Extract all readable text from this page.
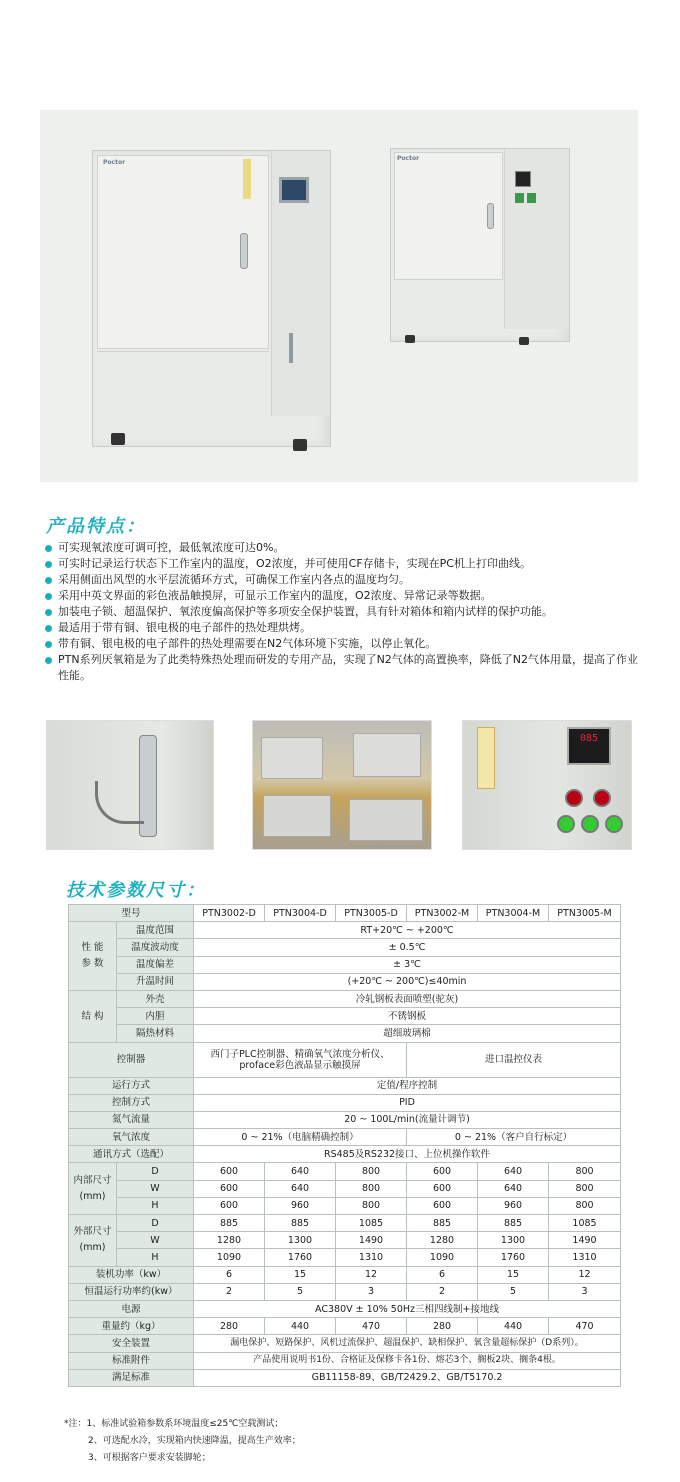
Poctor
Poctor
产品特点：
可实现氧浓度可调可控，最低氧浓度可达0%。
可实时记录运行状态下工作室内的温度，O2浓度，并可使用CF存储卡，实现在PC机上打印曲线。
采用侧面出风型的水平层流循环方式，可确保工作室内各点的温度均匀。
采用中英文界面的彩色液晶触摸屏，可显示工作室内的温度，O2浓度、异常记录等数据。
加装电子锁、超温保护、氧浓度偏高保护等多项安全保护装置，具有针对箱体和箱内试样的保护功能。
最适用于带有铜、银电极的电子部件的热处理烘烤。
带有铜、银电极的电子部件的热处理需要在N2气体环境下实施，以停止氧化。
PTN系列厌氧箱是为了此类特殊热处理而研发的专用产品，实现了N2气体的高置换率，降低了N2气体用量，提高了作业性能。
085
技术参数尺寸：
型号		PTN3002-D	PTN3004-D	PTN3005-D	PTN3002-M	PTN3004-M	PTN3005-M
性 能
参 数	温度范围	RT+20℃ ~ +200℃					
	温度波动度	± 0.5℃					
	温度偏差	± 3℃					
	升温时间	(+20℃ ~ 200℃)≤40min					
结 构	外壳	冷轧钢板表面喷塑(驼灰)					
	内胆	不锈钢板					
	隔热材料	超细玻璃棉					
控制器		西门子PLC控制器、精确氧气浓度分析仪、proface彩色液晶显示触摸屏			进口温控仪表		
运行方式		定值/程序控制					
控制方式		PID					
氮气流量		20 ~ 100L/min(流量计调节)					
氧气浓度		0 ~ 21%（电脑精确控制）			0 ~ 21%（客户自行标定）		
通讯方式（选配）		RS485及RS232接口、上位机操作软件					
内部尺寸
(mm)	D	600	640	800	600	640	800
	W	600	640	800	600	640	800
	H	600	960	800	600	960	800
外部尺寸
(mm)	D	885	885	1085	885	885	1085
	W	1280	1300	1490	1280	1300	1490
	H	1090	1760	1310	1090	1760	1310
装机功率（kw）		6	15	12	6	15	12
恒温运行功率约(kw）		2	5	3	2	5	3
电源		AC380V ± 10% 50Hz三相四线制+接地线					
重量约（kg）		280	440	470	280	440	470
安全装置		漏电保护、短路保护、风机过流保护、超温保护、缺相保护、氧含量超标保护（D系列）。					
标准附件		产品使用说明书1份、合格证及保修卡各1份、熔芯3个、搁板2块、搁条4根。					
满足标准		GB11158-89、GB/T2429.2、GB/T5170.2					
*注：1、标准试验箱参数系环境温度≤25℃空载测试；
2、可选配水冷，实现箱内快速降温，提高生产效率；
3、可根据客户要求安装脚轮；
